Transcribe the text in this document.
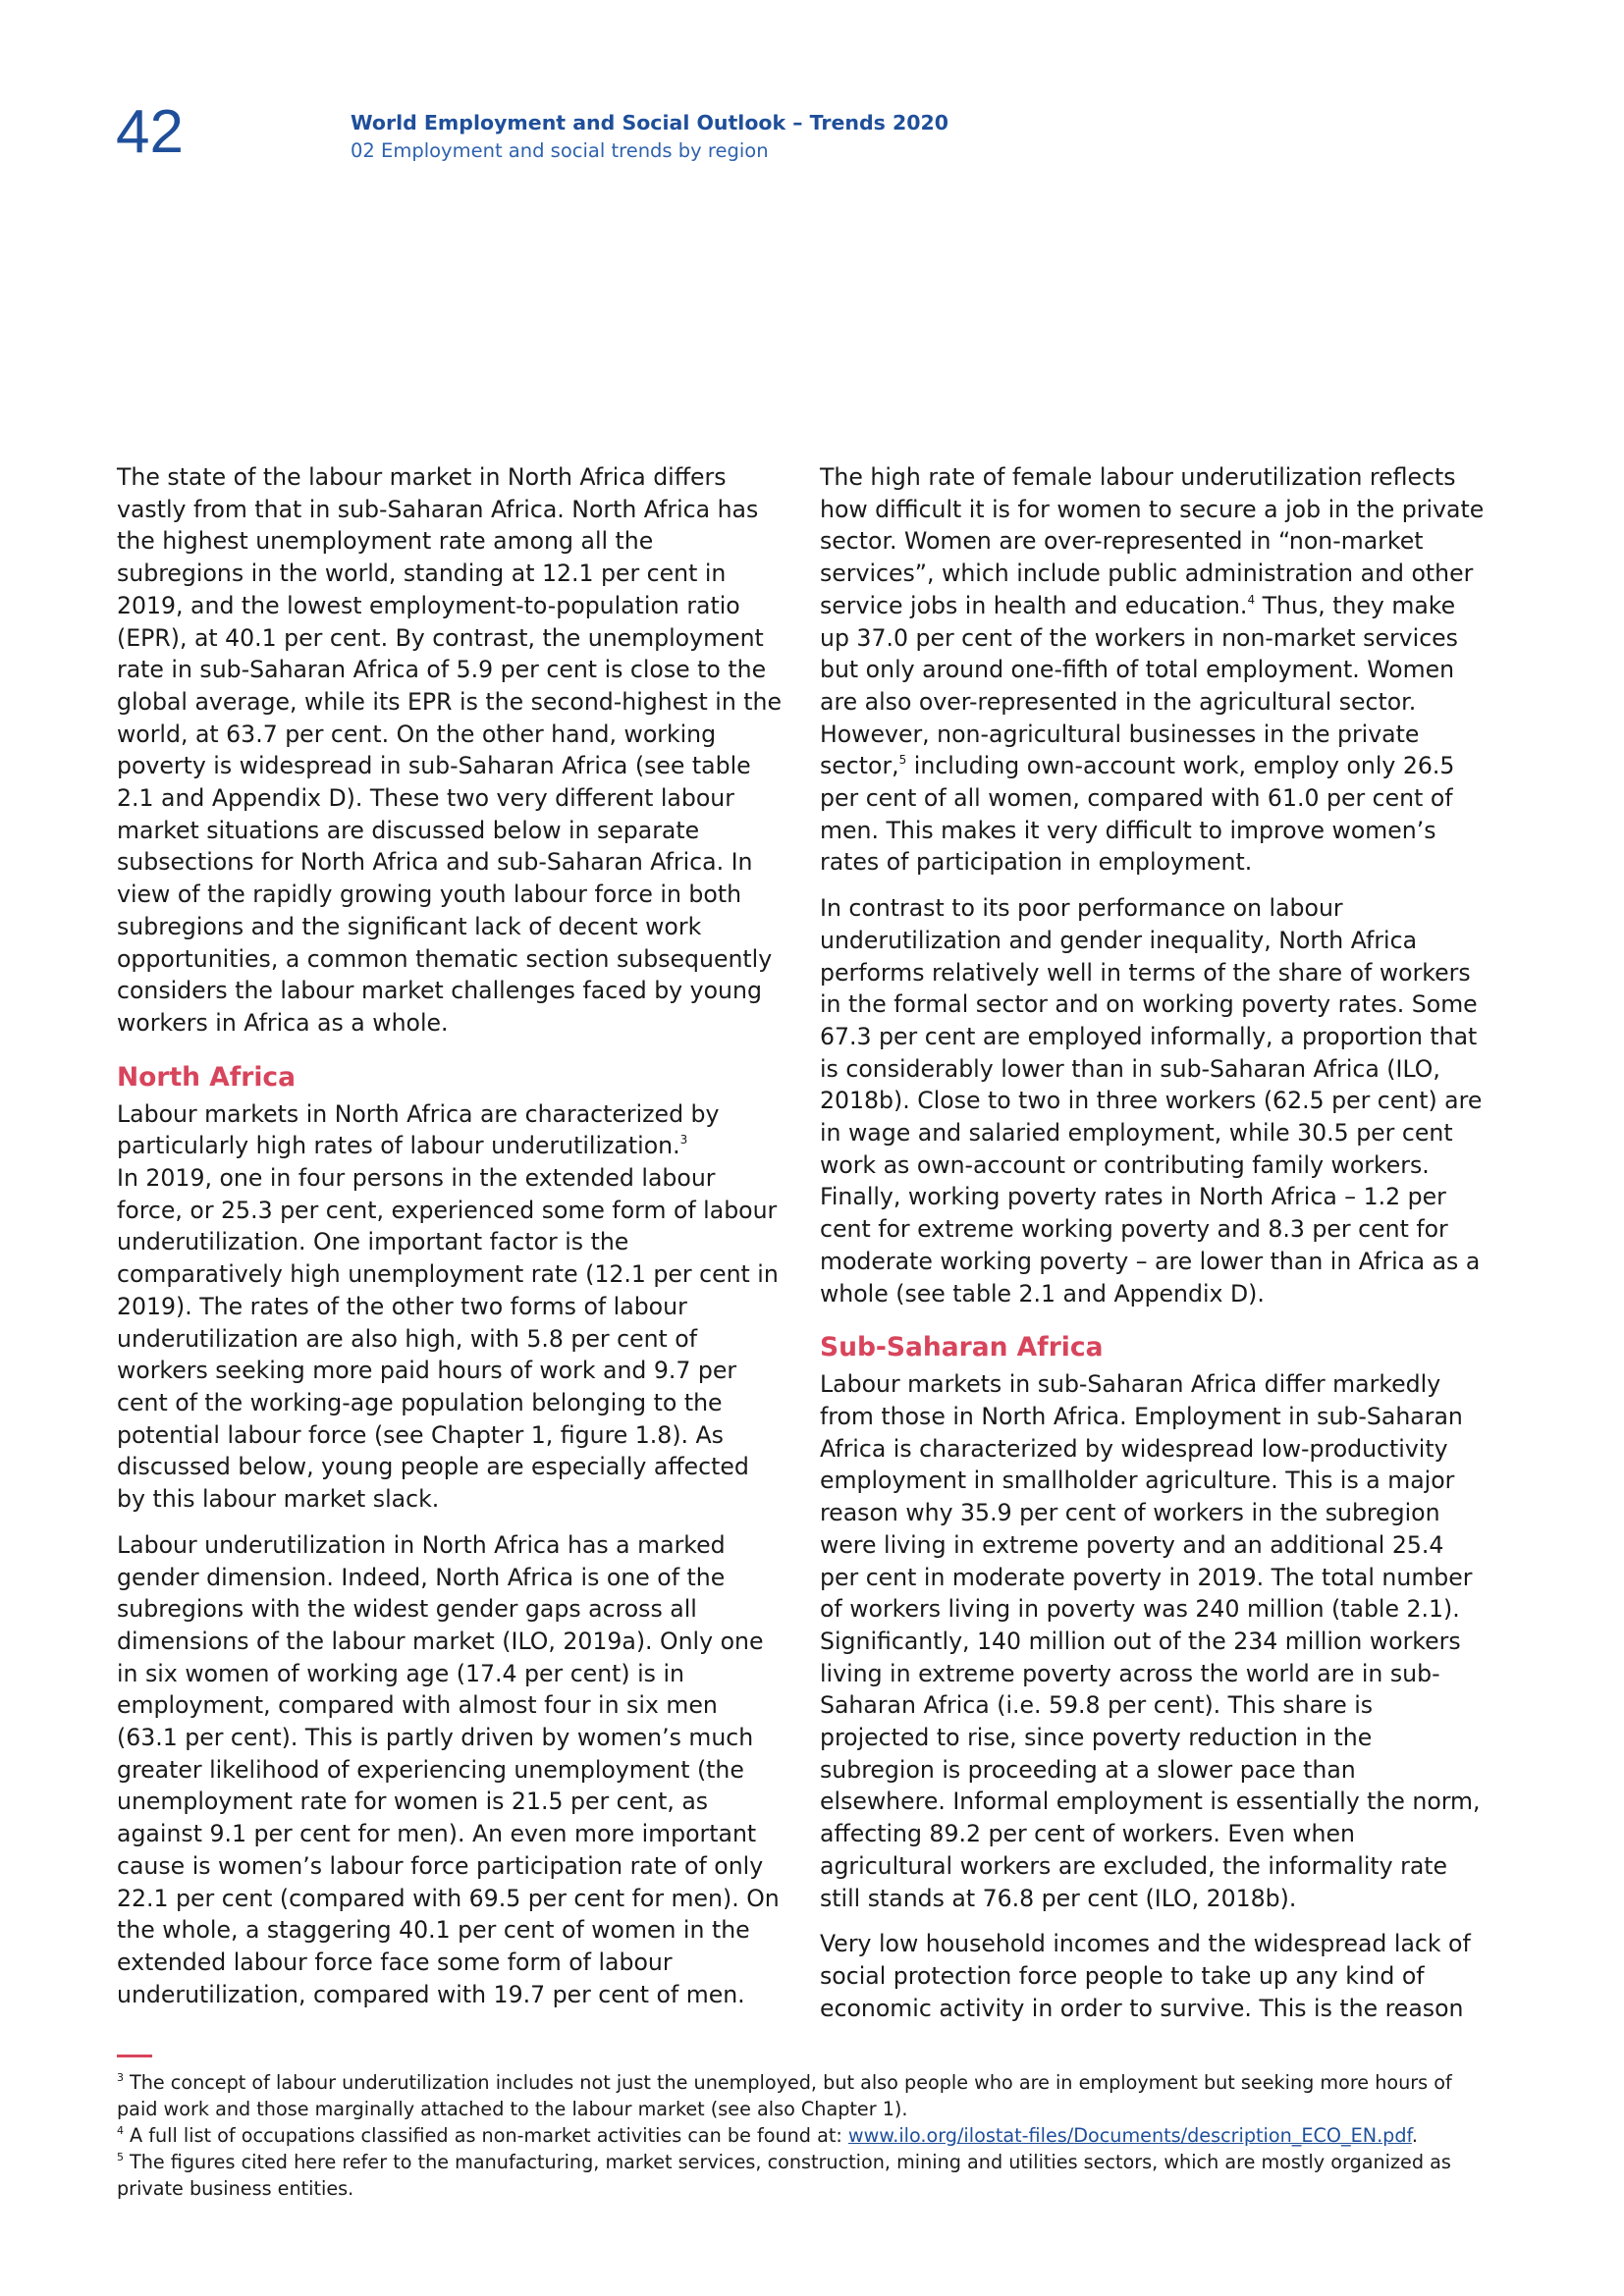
42	World Employment and Social Outlook – Trends 2020
02 Employment and social trends by region

The state of the labour market in North Africa differs vastly from that in sub-Saharan Africa. North Africa has the highest unemployment rate among all the subregions in the world, standing at 12.1 per cent in 2019, and the lowest employment-to-population ratio (EPR), at 40.1 per cent. By contrast, the unemployment rate in sub-Saharan Africa of 5.9 per cent is close to the global average, while its EPR is the second-highest in the world, at 63.7 per cent. On the other hand, working poverty is widespread in sub-Saharan Africa (see table 2.1 and Appendix D). These two very different labour market situations are discussed below in separate subsections for North Africa and sub-Saharan Africa. In view of the rapidly growing youth labour force in both subregions and the significant lack of decent work opportunities, a common thematic section subsequently considers the labour market challenges faced by young workers in Africa as a whole.

North Africa

Labour markets in North Africa are characterized by particularly high rates of labour underutilization.$^3$
In 2019, one in four persons in the extended labour force, or 25.3 per cent, experienced some form of labour underutilization. One important factor is the comparatively high unemployment rate (12.1 per cent in 2019). The rates of the other two forms of labour underutilization are also high, with 5.8 per cent of workers seeking more paid hours of work and 9.7 per cent of the working-age population belonging to the potential labour force (see Chapter 1, figure 1.8). As discussed below, young people are especially affected by this labour market slack.

Labour underutilization in North Africa has a marked gender dimension. Indeed, North Africa is one of the subregions with the widest gender gaps across all dimensions of the labour market (ILO, 2019a). Only one in six women of working age (17.4 per cent) is in employment, compared with almost four in six men (63.1 per cent). This is partly driven by women’s much greater likelihood of experiencing unemployment (the unemployment rate for women is 21.5 per cent, as against 9.1 per cent for men). An even more important cause is women’s labour force participation rate of only 22.1 per cent (compared with 69.5 per cent for men). On the whole, a staggering 40.1 per cent of women in the extended labour force face some form of labour underutilization, compared with 19.7 per cent of men.

The high rate of female labour underutilization reflects how difficult it is for women to secure a job in the private sector. Women are over-represented in “non-market services”, which include public administration and other service jobs in health and education.$^4$ Thus, they make up 37.0 per cent of the workers in non-market services but only around one-fifth of total employment. Women are also over-represented in the agricultural sector. However, non-agricultural businesses in the private sector,$^5$ including own-account work, employ only 26.5 per cent of all women, compared with 61.0 per cent of men. This makes it very difficult to improve women’s rates of participation in employment.

In contrast to its poor performance on labour underutilization and gender inequality, North Africa performs relatively well in terms of the share of workers in the formal sector and on working poverty rates. Some 67.3 per cent are employed informally, a proportion that is considerably lower than in sub-Saharan Africa (ILO, 2018b). Close to two in three workers (62.5 per cent) are in wage and salaried employment, while 30.5 per cent work as own-account or contributing family workers. Finally, working poverty rates in North Africa – 1.2 per cent for extreme working poverty and 8.3 per cent for moderate working poverty – are lower than in Africa as a whole (see table 2.1 and Appendix D).

Sub-Saharan Africa

Labour markets in sub-Saharan Africa differ markedly from those in North Africa. Employment in sub-Saharan Africa is characterized by widespread low-productivity employment in smallholder agriculture. This is a major reason why 35.9 per cent of workers in the subregion were living in extreme poverty and an additional 25.4 per cent in moderate poverty in 2019. The total number of workers living in poverty was 240 million (table 2.1). Significantly, 140 million out of the 234 million workers living in extreme poverty across the world are in sub-Saharan Africa (i.e. 59.8 per cent). This share is projected to rise, since poverty reduction in the subregion is proceeding at a slower pace than elsewhere. Informal employment is essentially the norm, affecting 89.2 per cent of workers. Even when agricultural workers are excluded, the informality rate still stands at 76.8 per cent (ILO, 2018b).

Very low household incomes and the widespread lack of social protection force people to take up any kind of economic activity in order to survive. This is the reason

$^3$ The concept of labour underutilization includes not just the unemployed, but also people who are in employment but seeking more hours of paid work and those marginally attached to the labour market (see also Chapter 1).

$^4$ A full list of occupations classified as non-market activities can be found at: www.ilo.org/ilostat-files/Documents/description_ECO_EN.pdf.

$^5$ The figures cited here refer to the manufacturing, market services, construction, mining and utilities sectors, which are mostly organized as private business entities.
